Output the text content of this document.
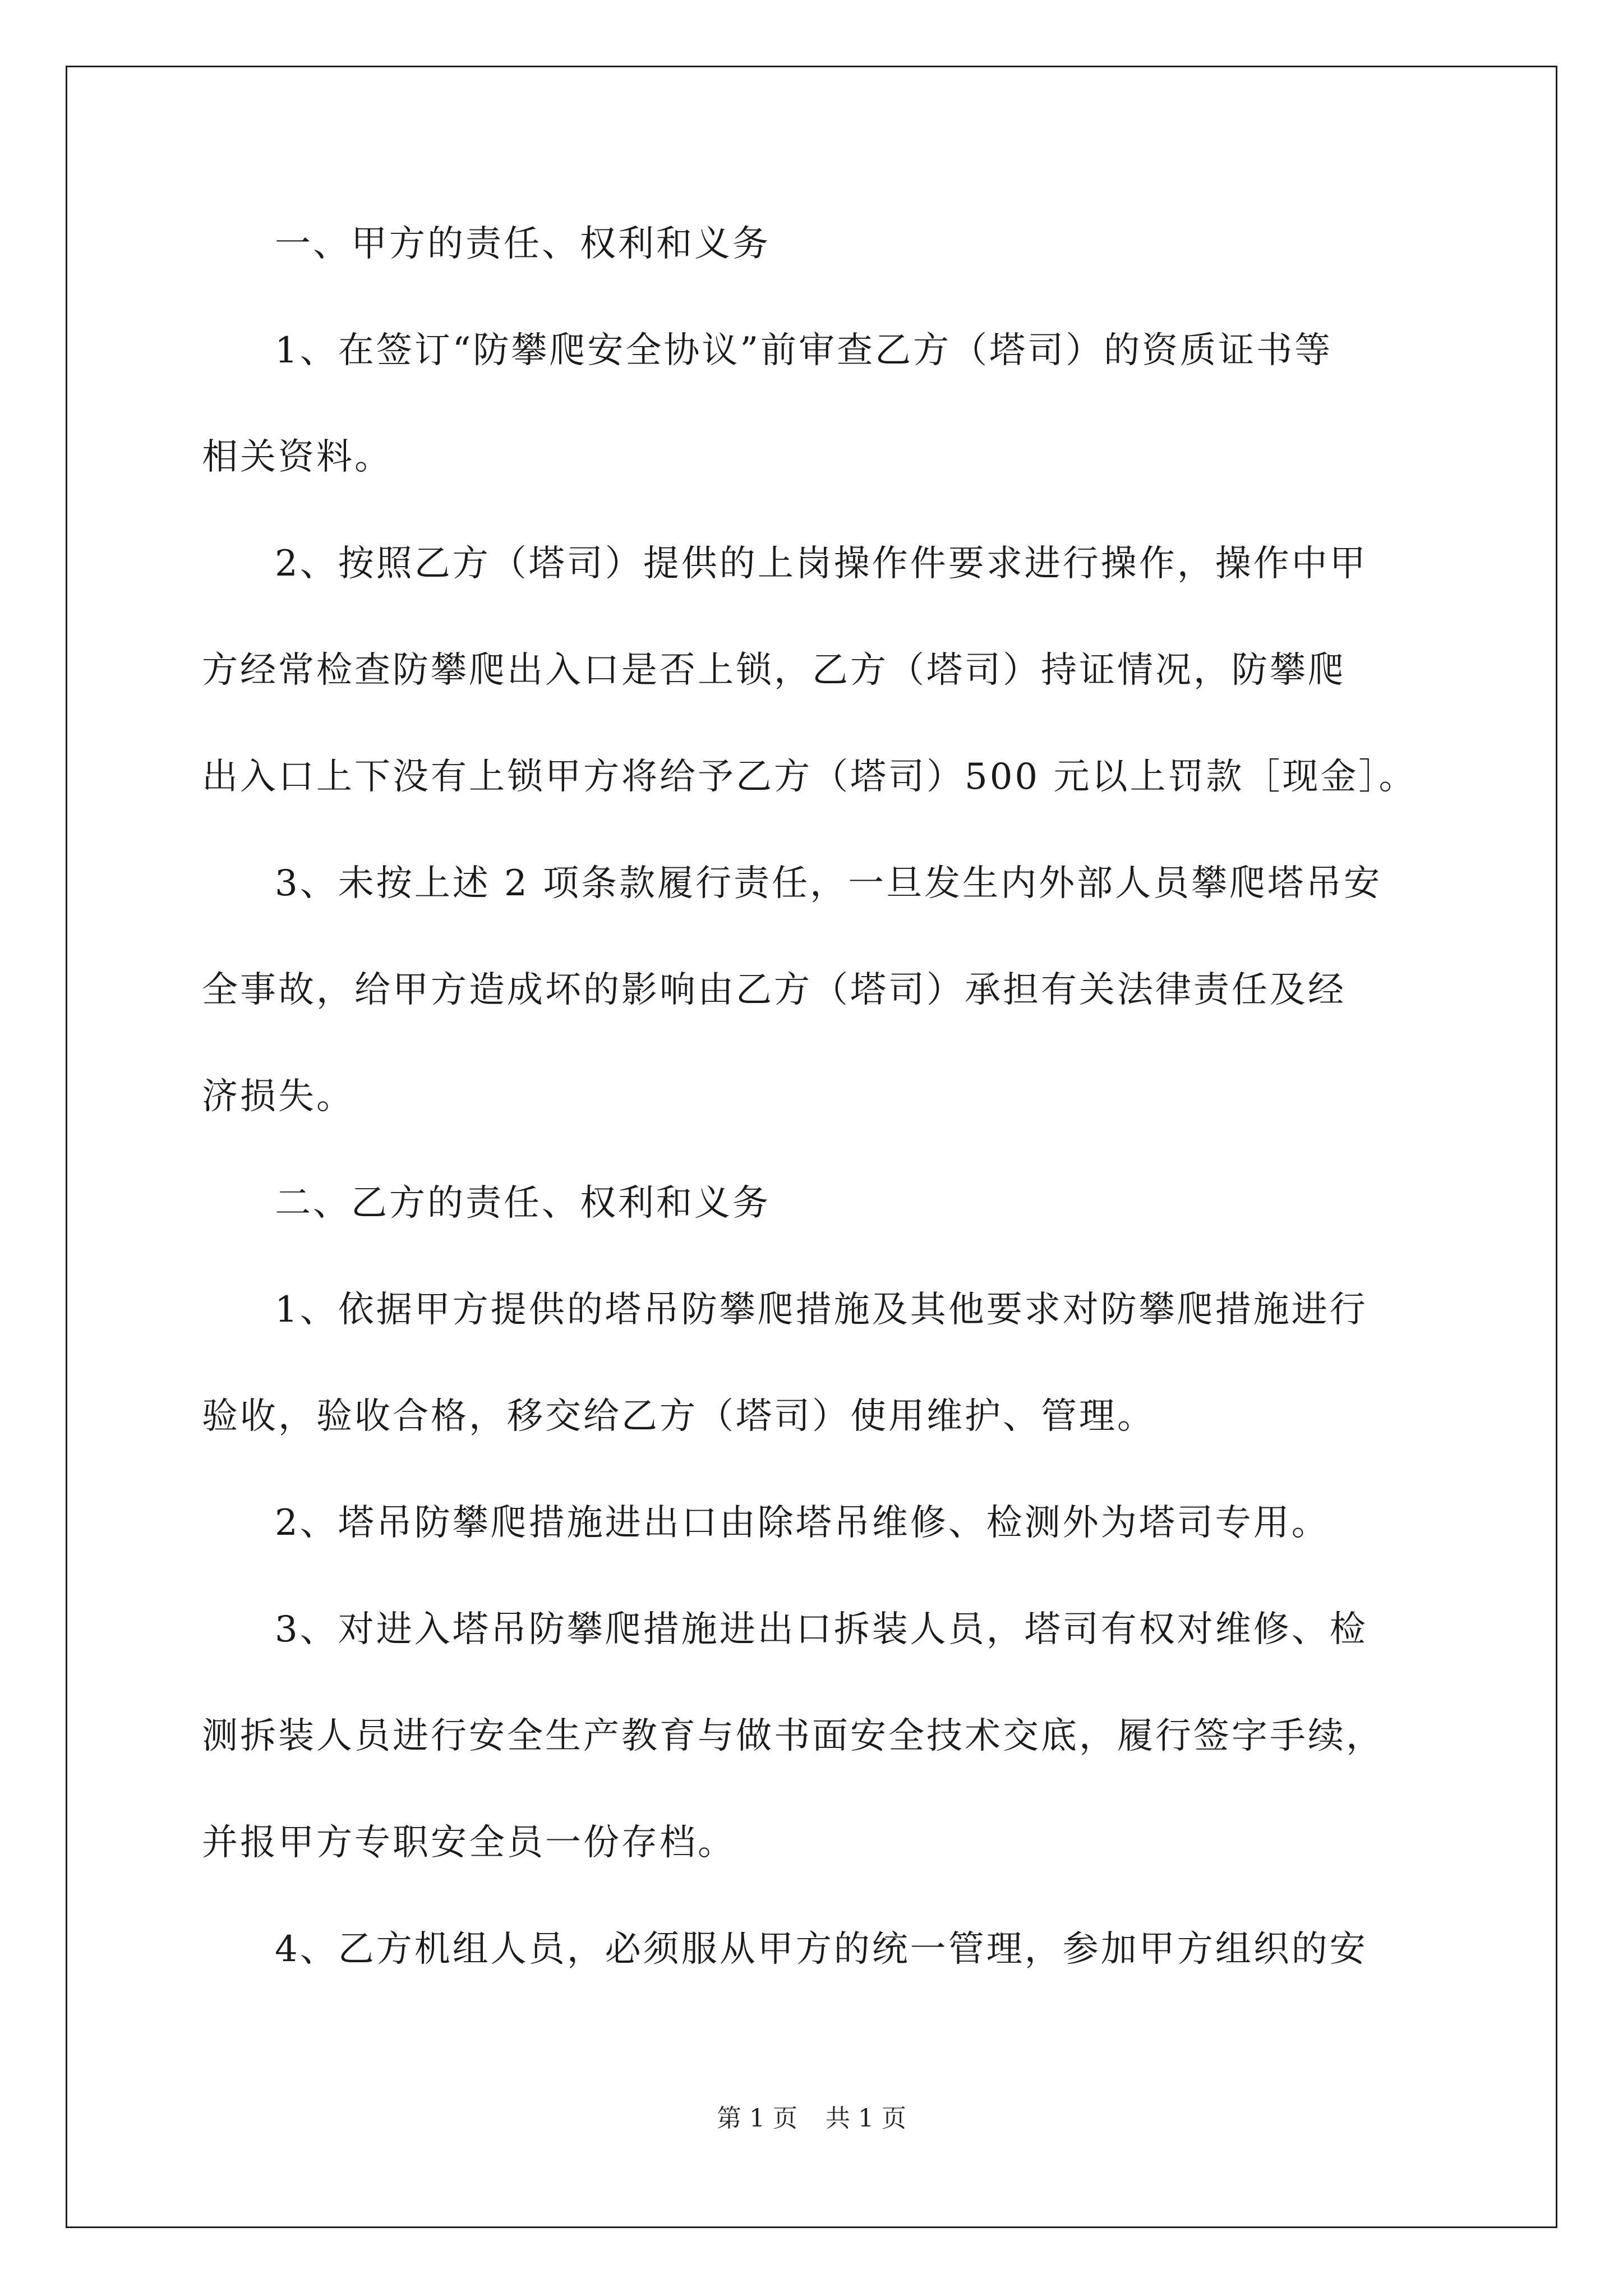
一、甲方的责任、权利和义务
1、在签订“防攀爬安全协议”前审查乙方（塔司）的资质证书等
相关资料。
2、按照乙方（塔司）提供的上岗操作件要求进行操作，操作中甲
方经常检查防攀爬出入口是否上锁，乙方（塔司）持证情况，防攀爬
出入口上下没有上锁甲方将给予乙方（塔司）500 元以上罚款［现金］。
3、未按上述 2 项条款履行责任，一旦发生内外部人员攀爬塔吊安
全事故，给甲方造成坏的影响由乙方（塔司）承担有关法律责任及经
济损失。
二、乙方的责任、权利和义务
1、依据甲方提供的塔吊防攀爬措施及其他要求对防攀爬措施进行
验收，验收合格，移交给乙方（塔司）使用维护、管理。
2、塔吊防攀爬措施进出口由除塔吊维修、检测外为塔司专用。
3、对进入塔吊防攀爬措施进出口拆装人员，塔司有权对维修、检
测拆装人员进行安全生产教育与做书面安全技术交底，履行签字手续，
并报甲方专职安全员一份存档。
4、乙方机组人员，必须服从甲方的统一管理，参加甲方组织的安
第 1 页 共 1 页
